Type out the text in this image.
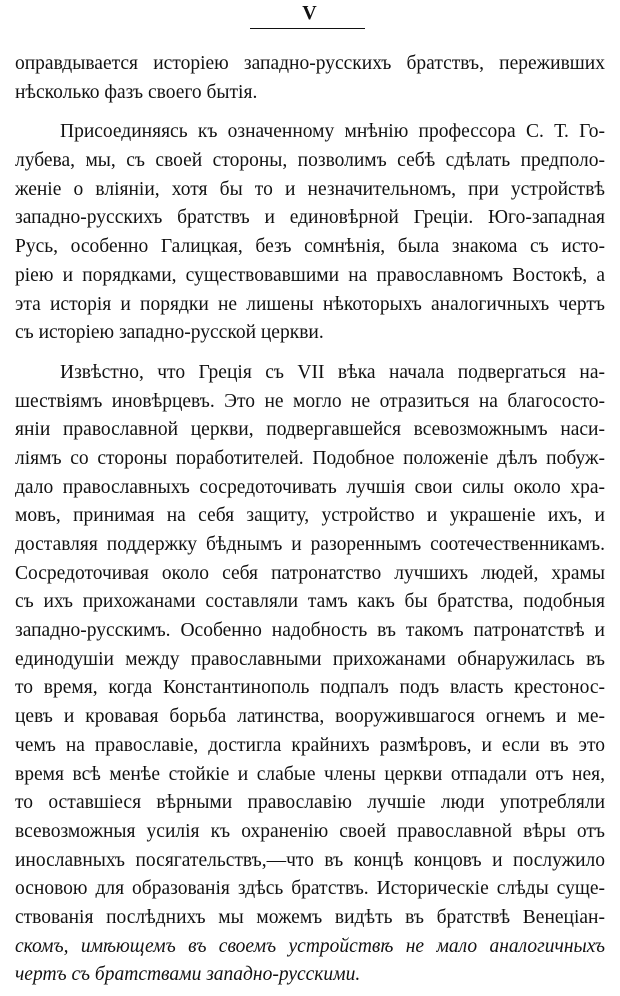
V
оправдывается исторіею западно-русскихъ братствъ, переживших
нѣсколько фазъ своего бытія.
Присоединяясь къ означенному мнѣнію профессора С. Т. Го-
лубева, мы, съ своей стороны, позволимъ себѣ сдѣлать предполо-
женіе о вліяніи, хотя бы то и незначительномъ, при устройствѣ
западно-русскихъ братствъ и единовѣрной Греціи. Юго-западная
Русь, особенно Галицкая, безъ сомнѣнія, была знакома съ исто-
ріею и порядками, существовавшими на православномъ Востокѣ, а
эта исторія и порядки не лишены нѣкоторыхъ аналогичныхъ чертъ
съ исторіею западно-русской церкви.
Извѣстно, что Греція съ VII вѣка начала подвергаться на-
шествіямъ иновѣрцевъ. Это не могло не отразиться на благососто-
яніи православной церкви, подвергавшейся всевозможнымъ наси-
ліямъ со стороны поработителей. Подобное положеніе дѣлъ побуж-
дало православныхъ сосредоточивать лучшія свои силы около хра-
мовъ, принимая на себя защиту, устройство и украшеніе ихъ, и
доставляя поддержку бѣднымъ и разореннымъ соотечественникамъ.
Сосредоточивая около себя патронатство лучшихъ людей, храмы
съ ихъ прихожанами составляли тамъ какъ бы братства, подобныя
западно-русскимъ. Особенно надобность въ такомъ патронатствѣ и
единодушіи между православными прихожанами обнаружилась въ
то время, когда Константинополь подпалъ подъ власть крестонос-
цевъ и кровавая борьба латинства, вооружившагося огнемъ и ме-
чемъ на православіе, достигла крайнихъ размѣровъ, и если въ это
время всѣ менѣе стойкіе и слабые члены церкви отпадали отъ нея,
то оставшіеся вѣрными православію лучшіе люди употребляли
всевозможныя усилія къ охраненію своей православной вѣры отъ
инославныхъ посягательствъ,—что въ концѣ концовъ и послужило
основою для образованія здѣсь братствъ. Историческіе слѣды суще-
ствованія послѣднихъ мы можемъ видѣть въ братствѣ Венеціан-
скомъ, имѣющемъ въ своемъ устройствѣ не мало аналогичныхъ
чертъ съ братствами западно-русскими.
